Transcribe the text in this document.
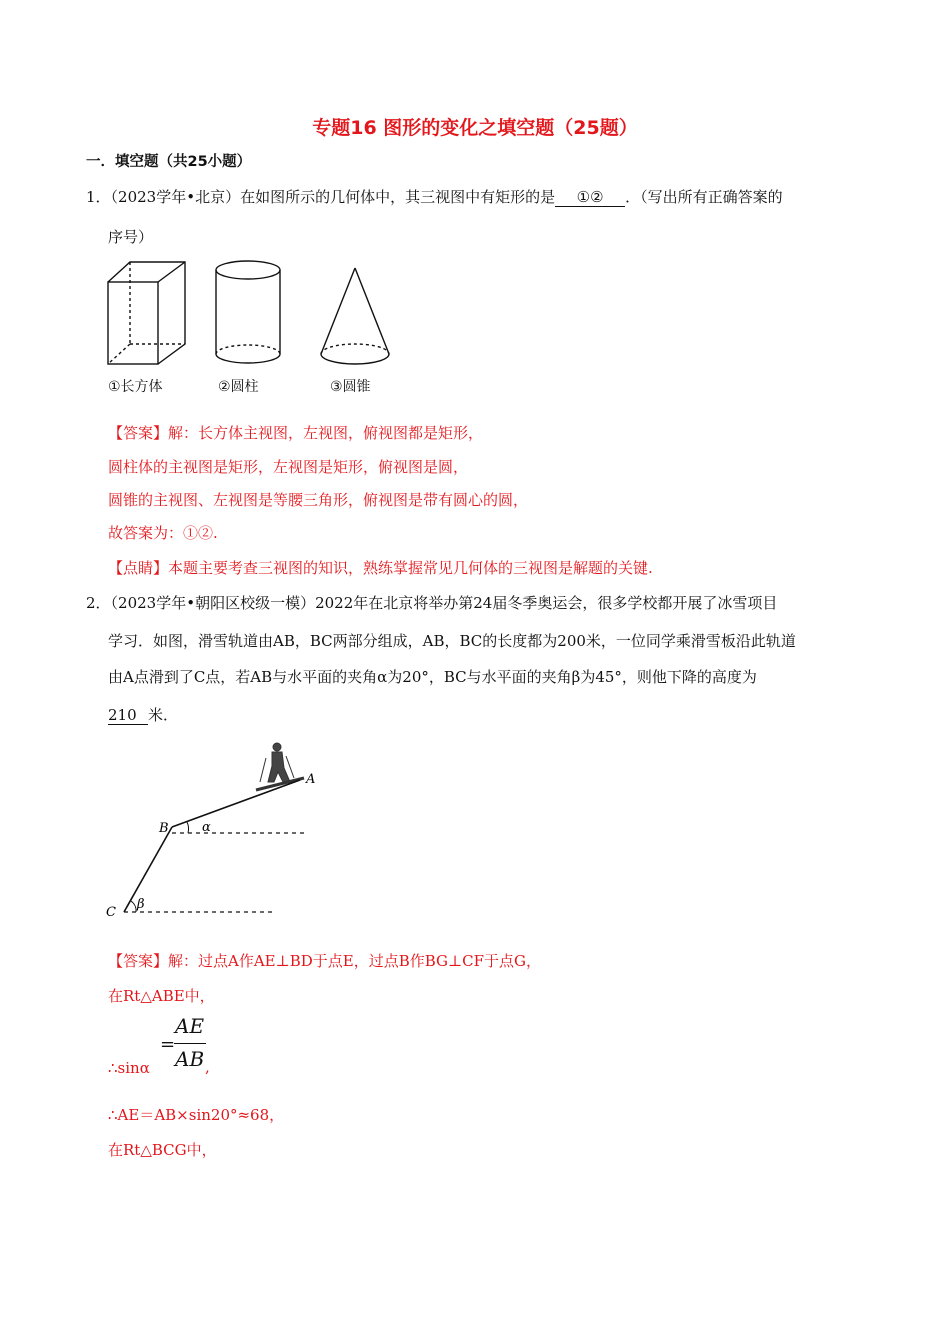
专题16 图形的变化之填空题（25题）
一．填空题（共25小题）
1．（2023学年•北京）在如图所示的几何体中，其三视图中有矩形的是 ①② ．（写出所有正确答案的
序号）
①长方体	②圆柱	③圆锥
【答案】解：长方体主视图，左视图，俯视图都是矩形，
圆柱体的主视图是矩形，左视图是矩形，俯视图是圆，
圆锥的主视图、左视图是等腰三角形，俯视图是带有圆心的圆，
故答案为：①②.
【点睛】本题主要考查三视图的知识，熟练掌握常见几何体的三视图是解题的关键.
2．（2023学年•朝阳区校级一模）2022年在北京将举办第24届冬季奥运会，很多学校都开展了冰雪项目
学习．如图，滑雪轨道由AB，BC两部分组成，AB，BC的长度都为200米，一位同学乘滑雪板沿此轨道
由A点滑到了C点，若AB与水平面的夹角α为20°，BC与水平面的夹角β为45°，则他下降的高度为
210 米．
A
B
C
α
β
【答案】解：过点A作AE⊥BD于点E，过点B作BG⊥CF于点G，
在Rt△ABE中，
∴sinα
=
AE
AB ,
∴AE＝AB×sin20°≈68，
在Rt△BCG中，
